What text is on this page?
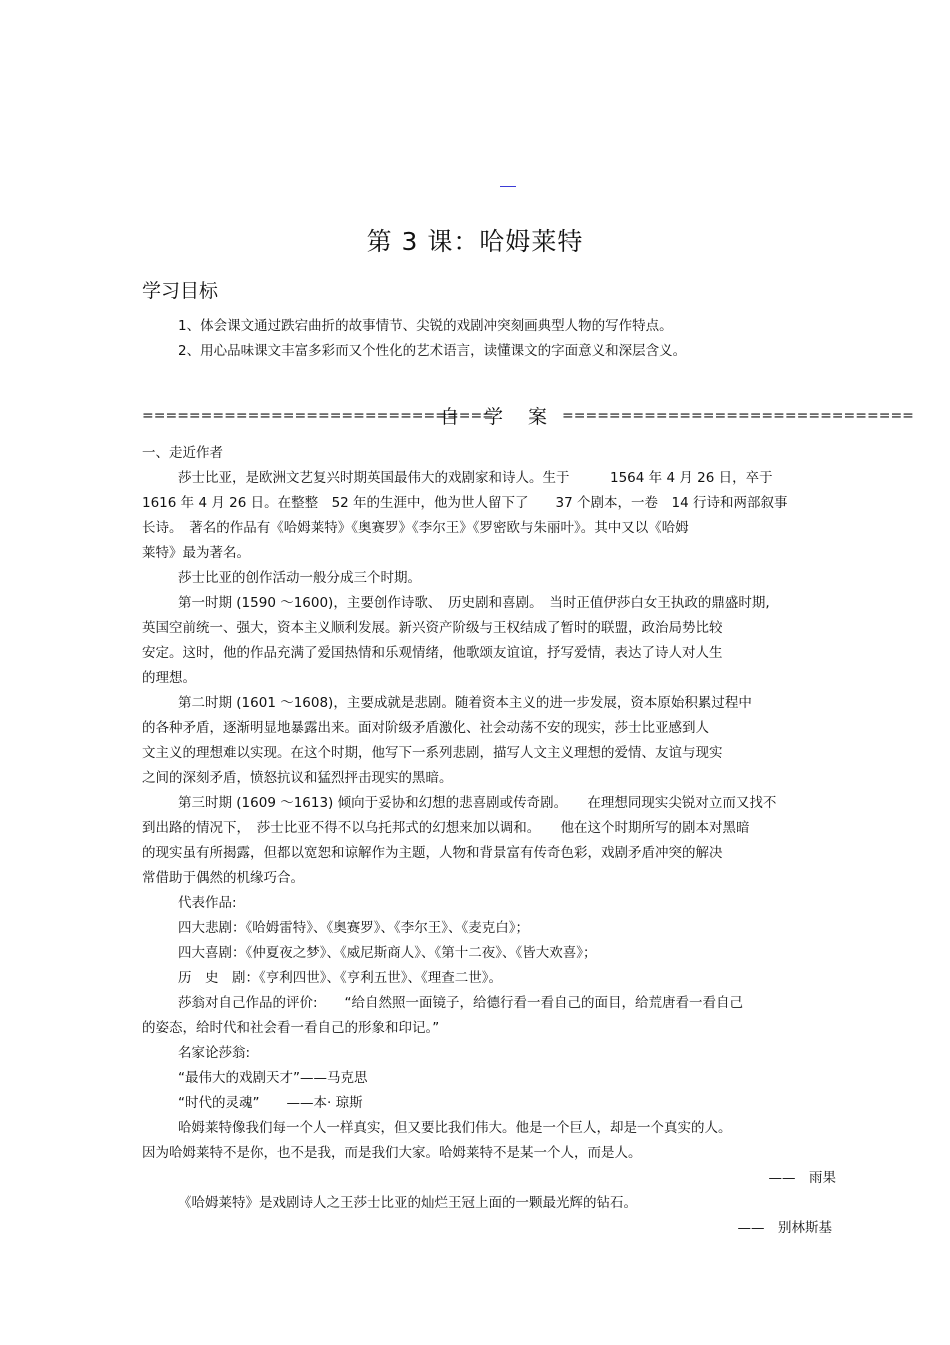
第 3 课：哈姆莱特
学习目标
1、体会课文通过跌宕曲折的故事情节、尖锐的戏剧冲突刻画典型人物的写作特点。
2、用心品味课文丰富多彩而又个性化的艺术语言，读懂课文的字面意义和深层含义。
==============================
自学案
==============================
一、走近作者
莎士比亚，是欧洲文艺复兴时期英国最伟大的戏剧家和诗人。生于　　　1564 年 4 月 26 日，卒于
1616 年 4 月 26 日。在整整　52 年的生涯中，他为世人留下了　　37 个剧本，一卷　14 行诗和两部叙事
长诗。　著名的作品有《哈姆莱特》《奥赛罗》《李尔王》《罗密欧与朱丽叶》。其中又以《哈姆
莱特》最为著名。
莎士比亚的创作活动一般分成三个时期。
第一时期 (1590 ～1600)，主要创作诗歌、　历史剧和喜剧。　当时正值伊莎白女王执政的鼎盛时期,
英国空前统一、强大，资本主义顺利发展。新兴资产阶级与王权结成了暂时的联盟，政治局势比较
安定。这时，他的作品充满了爱国热情和乐观情绪，他歌颂友谊谊，抒写爱情，表达了诗人对人生
的理想。
第二时期 (1601 ～1608)，主要成就是悲剧。随着资本主义的进一步发展，资本原始积累过程中
的各种矛盾，逐渐明显地暴露出来。面对阶级矛盾激化、社会动荡不安的现实，莎士比亚感到人
文主义的理想难以实现。在这个时期，他写下一系列悲剧，描写人文主义理想的爱情、友谊与现实
之间的深刻矛盾，愤怒抗议和猛烈抨击现实的黑暗。
第三时期 (1609 ～1613) 倾向于妥协和幻想的悲喜剧或传奇剧。　　在理想同现实尖锐对立而又找不
到出路的情况下，　莎士比亚不得不以乌托邦式的幻想来加以调和。　　他在这个时期所写的剧本对黑暗
的现实虽有所揭露，但都以宽恕和谅解作为主题，人物和背景富有传奇色彩，戏剧矛盾冲突的解决
常借助于偶然的机缘巧合。
代表作品:
四大悲剧：《哈姆雷特》、《奥赛罗》、《李尔王》、《麦克白》；
四大喜剧：《仲夏夜之梦》、《威尼斯商人》、《第十二夜》、《皆大欢喜》；
历　史　剧：《亨利四世》、《亨利五世》、《理查二世》。
莎翁对自己作品的评价:　　“给自然照一面镜子，给德行看一看自己的面目，给荒唐看一看自己
的姿态，给时代和社会看一看自己的形象和印记。”
名家论莎翁:
“最伟大的戏剧天才”——马克思
“时代的灵魂”　　——本· 琼斯
哈姆莱特像我们每一个人一样真实，但又要比我们伟大。他是一个巨人，却是一个真实的人。
因为哈姆莱特不是你，也不是我，而是我们大家。哈姆莱特不是某一个人，而是人。
——　雨果
《哈姆莱特》是戏剧诗人之王莎士比亚的灿烂王冠上面的一颗最光辉的钻石。
——　别林斯基
